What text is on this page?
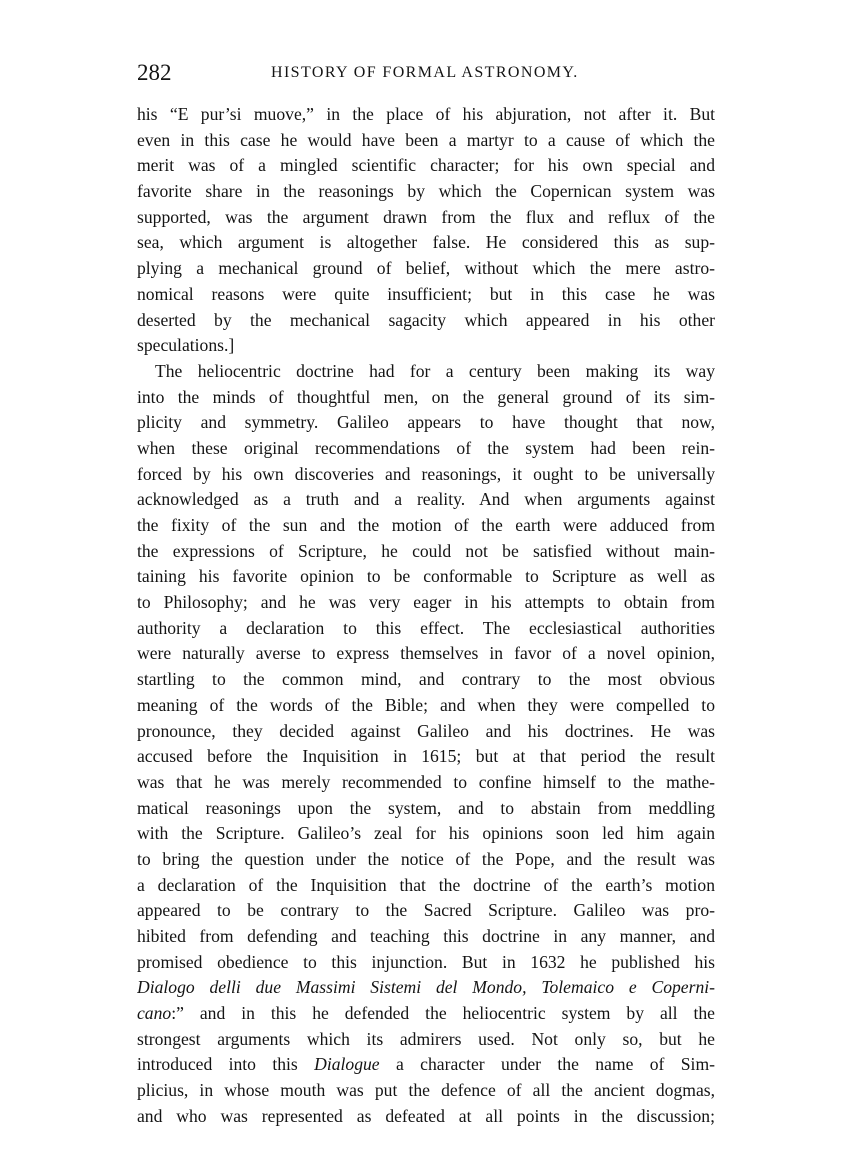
282	HISTORY OF FORMAL ASTRONOMY.
his “E pur’si muove,” in the place of his abjuration, not after it. But
even in this case he would have been a martyr to a cause of which the
merit was of a mingled scientific character; for his own special and
favorite share in the reasonings by which the Copernican system was
supported, was the argument drawn from the flux and reflux of the
sea, which argument is altogether false. He considered this as sup-
plying a mechanical ground of belief, without which the mere astro-
nomical reasons were quite insufficient; but in this case he was
deserted by the mechanical sagacity which appeared in his other
speculations.]
The heliocentric doctrine had for a century been making its way
into the minds of thoughtful men, on the general ground of its sim-
plicity and symmetry. Galileo appears to have thought that now,
when these original recommendations of the system had been rein-
forced by his own discoveries and reasonings, it ought to be universally
acknowledged as a truth and a reality. And when arguments against
the fixity of the sun and the motion of the earth were adduced from
the expressions of Scripture, he could not be satisfied without main-
taining his favorite opinion to be conformable to Scripture as well as
to Philosophy; and he was very eager in his attempts to obtain from
authority a declaration to this effect. The ecclesiastical authorities
were naturally averse to express themselves in favor of a novel opinion,
startling to the common mind, and contrary to the most obvious
meaning of the words of the Bible; and when they were compelled to
pronounce, they decided against Galileo and his doctrines. He was
accused before the Inquisition in 1615; but at that period the result
was that he was merely recommended to confine himself to the mathe-
matical reasonings upon the system, and to abstain from meddling
with the Scripture. Galileo’s zeal for his opinions soon led him again
to bring the question under the notice of the Pope, and the result was
a declaration of the Inquisition that the doctrine of the earth’s motion
appeared to be contrary to the Sacred Scripture. Galileo was pro-
hibited from defending and teaching this doctrine in any manner, and
promised obedience to this injunction. But in 1632 he published his
Dialogo delli due Massimi Sistemi del Mondo, Tolemaico e Coperni-
cano:” and in this he defended the heliocentric system by all the
strongest arguments which its admirers used. Not only so, but he
introduced into this Dialogue a character under the name of Sim-
plicius, in whose mouth was put the defence of all the ancient dogmas,
and who was represented as defeated at all points in the discussion;
